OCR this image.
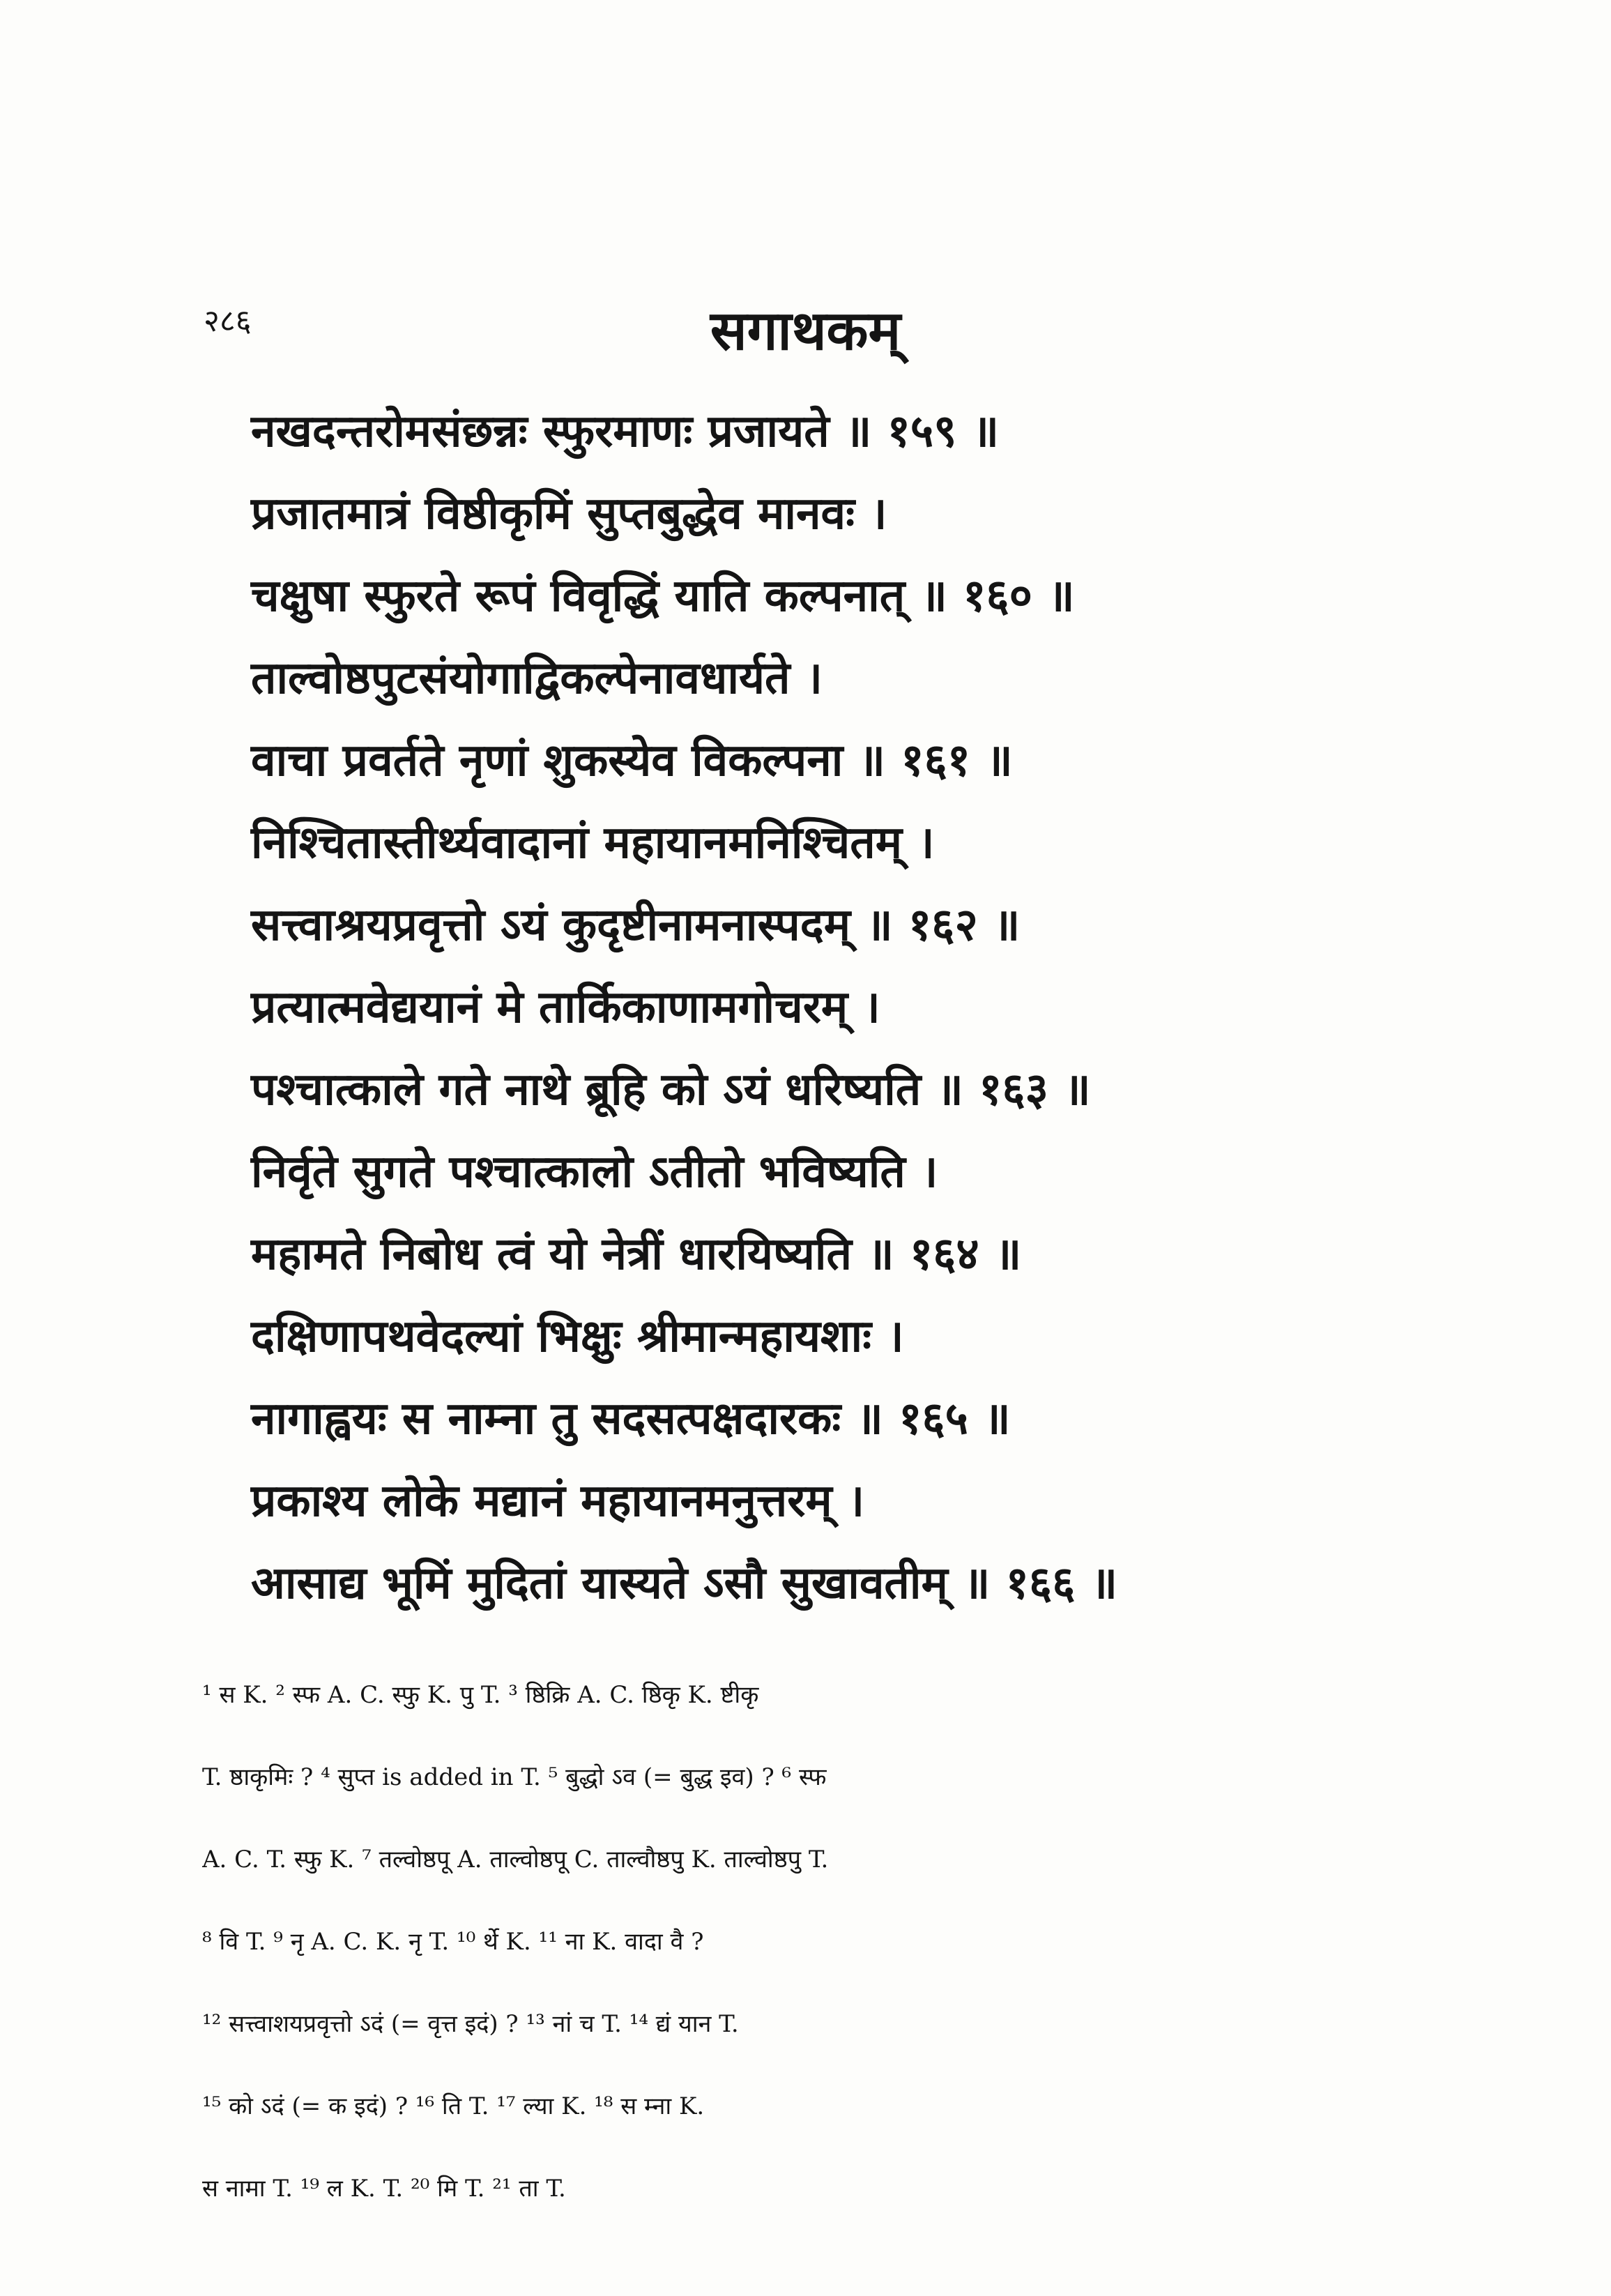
२८६	सगाथकम्
नखदन्तरोमसंछन्नः स्फुरमाणः प्रजायते ॥ १५९ ॥
प्रजातमात्रं विष्ठीकृमिं सुप्तबुद्धेव मानवः ।
चक्षुषा स्फुरते रूपं विवृद्धिं याति कल्पनात् ॥ १६० ॥
ताल्वोष्ठपुटसंयोगाद्विकल्पेनावधार्यते ।
वाचा प्रवर्तते नृणां शुकस्येव विकल्पना ॥ १६१ ॥
निश्चितास्तीर्थ्यवादानां महायानमनिश्चितम् ।
सत्त्वाश्रयप्रवृत्तो ऽयं कुदृष्टीनामनास्पदम् ॥ १६२ ॥
प्रत्यात्मवेद्ययानं मे तार्किकाणामगोचरम् ।
पश्चात्काले गते नाथे ब्रूहि को ऽयं धरिष्यति ॥ १६३ ॥
निर्वृते सुगते पश्चात्कालो ऽतीतो भविष्यति ।
महामते निबोध त्वं यो नेत्रीं धारयिष्यति ॥ १६४ ॥
दक्षिणापथवेदल्यां भिक्षुः श्रीमान्महायशाः ।
नागाह्वयः स नाम्ना तु सदसत्पक्षदारकः ॥ १६५ ॥
प्रकाश्य लोके मद्यानं महायानमनुत्तरम् ।
आसाद्य भूमिं मुदितां यास्यते ऽसौ सुखावतीम् ॥ १६६ ॥
¹ स K. ² स्फ A. C. स्फु K. पु T. ³ ष्ठिक्रि A. C. ष्ठिकृ K. ष्टीकृ
T. ष्ठाकृमिः ? ⁴ सुप्त is added in T. ⁵ बुद्धो ऽव (= बुद्ध इव) ? ⁶ स्फ
A. C. T. स्फु K. ⁷ तल्वोष्ठपू A. ताल्वोष्ठपू C. ताल्वौष्ठपु K. ताल्वोष्ठपु T.
⁸ वि T. ⁹ नृ A. C. K. नृ T. ¹⁰ र्थे K. ¹¹ ना K. वादा वै ?
¹² सत्त्वाशयप्रवृत्तो ऽदं (= वृत्त इदं) ? ¹³ नां च T. ¹⁴ द्यं यान T.
¹⁵ को ऽदं (= क इदं) ? ¹⁶ ति T. ¹⁷ ल्या K. ¹⁸ स म्ना K.
स नामा T. ¹⁹ ल K. T. ²⁰ मि T. ²¹ ता T.
